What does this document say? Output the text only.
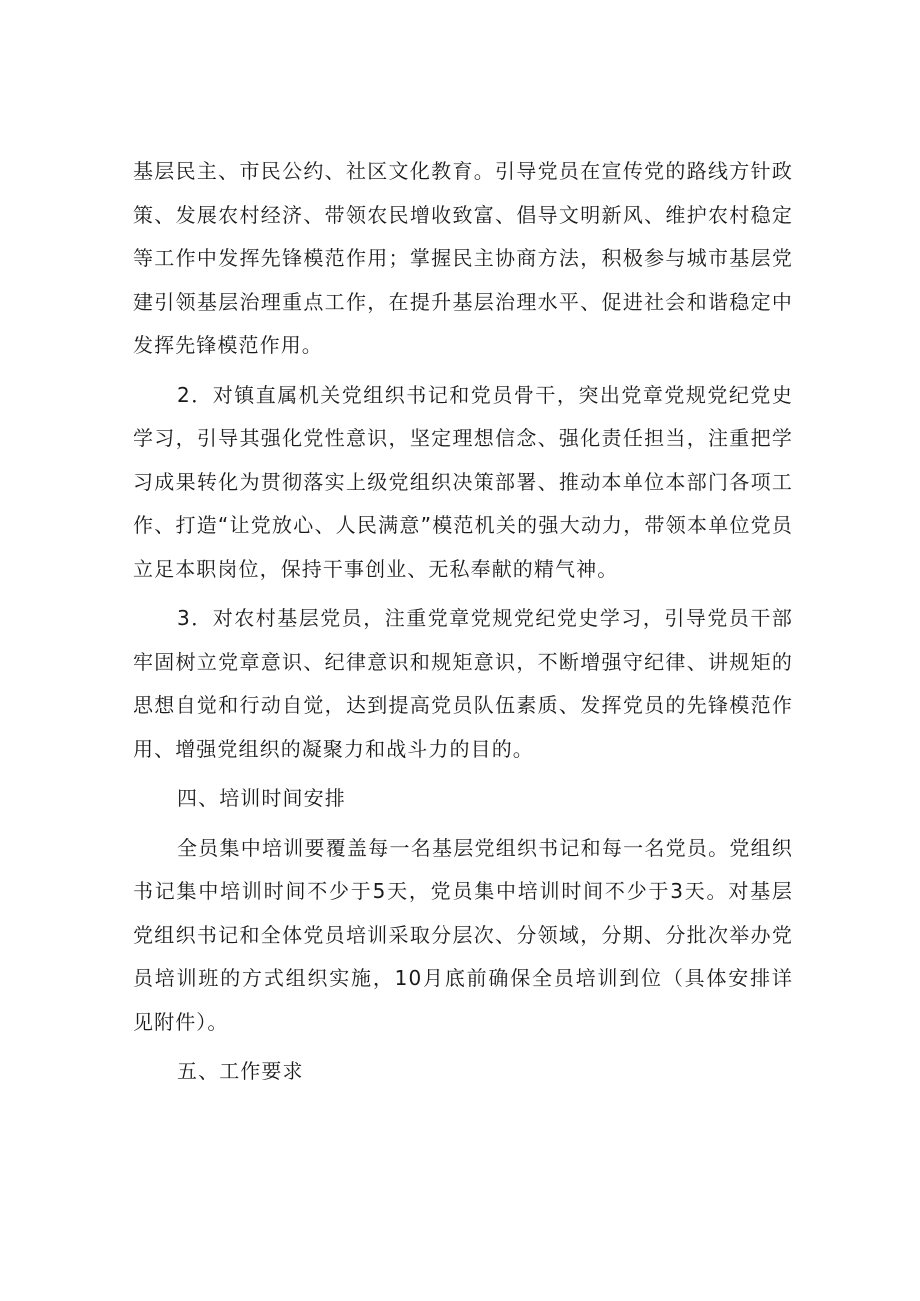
基层民主、市民公约、社区文化教育。引导党员在宣传党的路线方针政策、发展农村经济、带领农民增收致富、倡导文明新风、维护农村稳定等工作中发挥先锋模范作用；掌握民主协商方法，积极参与城市基层党建引领基层治理重点工作，在提升基层治理水平、促进社会和谐稳定中发挥先锋模范作用。

2．对镇直属机关党组织书记和党员骨干，突出党章党规党纪党史学习，引导其强化党性意识，坚定理想信念、强化责任担当，注重把学习成果转化为贯彻落实上级党组织决策部署、推动本单位本部门各项工作、打造“让党放心、人民满意”模范机关的强大动力，带领本单位党员立足本职岗位，保持干事创业、无私奉献的精气神。

3．对农村基层党员，注重党章党规党纪党史学习，引导党员干部牢固树立党章意识、纪律意识和规矩意识，不断增强守纪律、讲规矩的思想自觉和行动自觉，达到提高党员队伍素质、发挥党员的先锋模范作用、增强党组织的凝聚力和战斗力的目的。

四、培训时间安排

全员集中培训要覆盖每一名基层党组织书记和每一名党员。党组织书记集中培训时间不少于5天，党员集中培训时间不少于3天。对基层党组织书记和全体党员培训采取分层次、分领域，分期、分批次举办党员培训班的方式组织实施，10月底前确保全员培训到位（具体安排详见附件）。

五、工作要求
